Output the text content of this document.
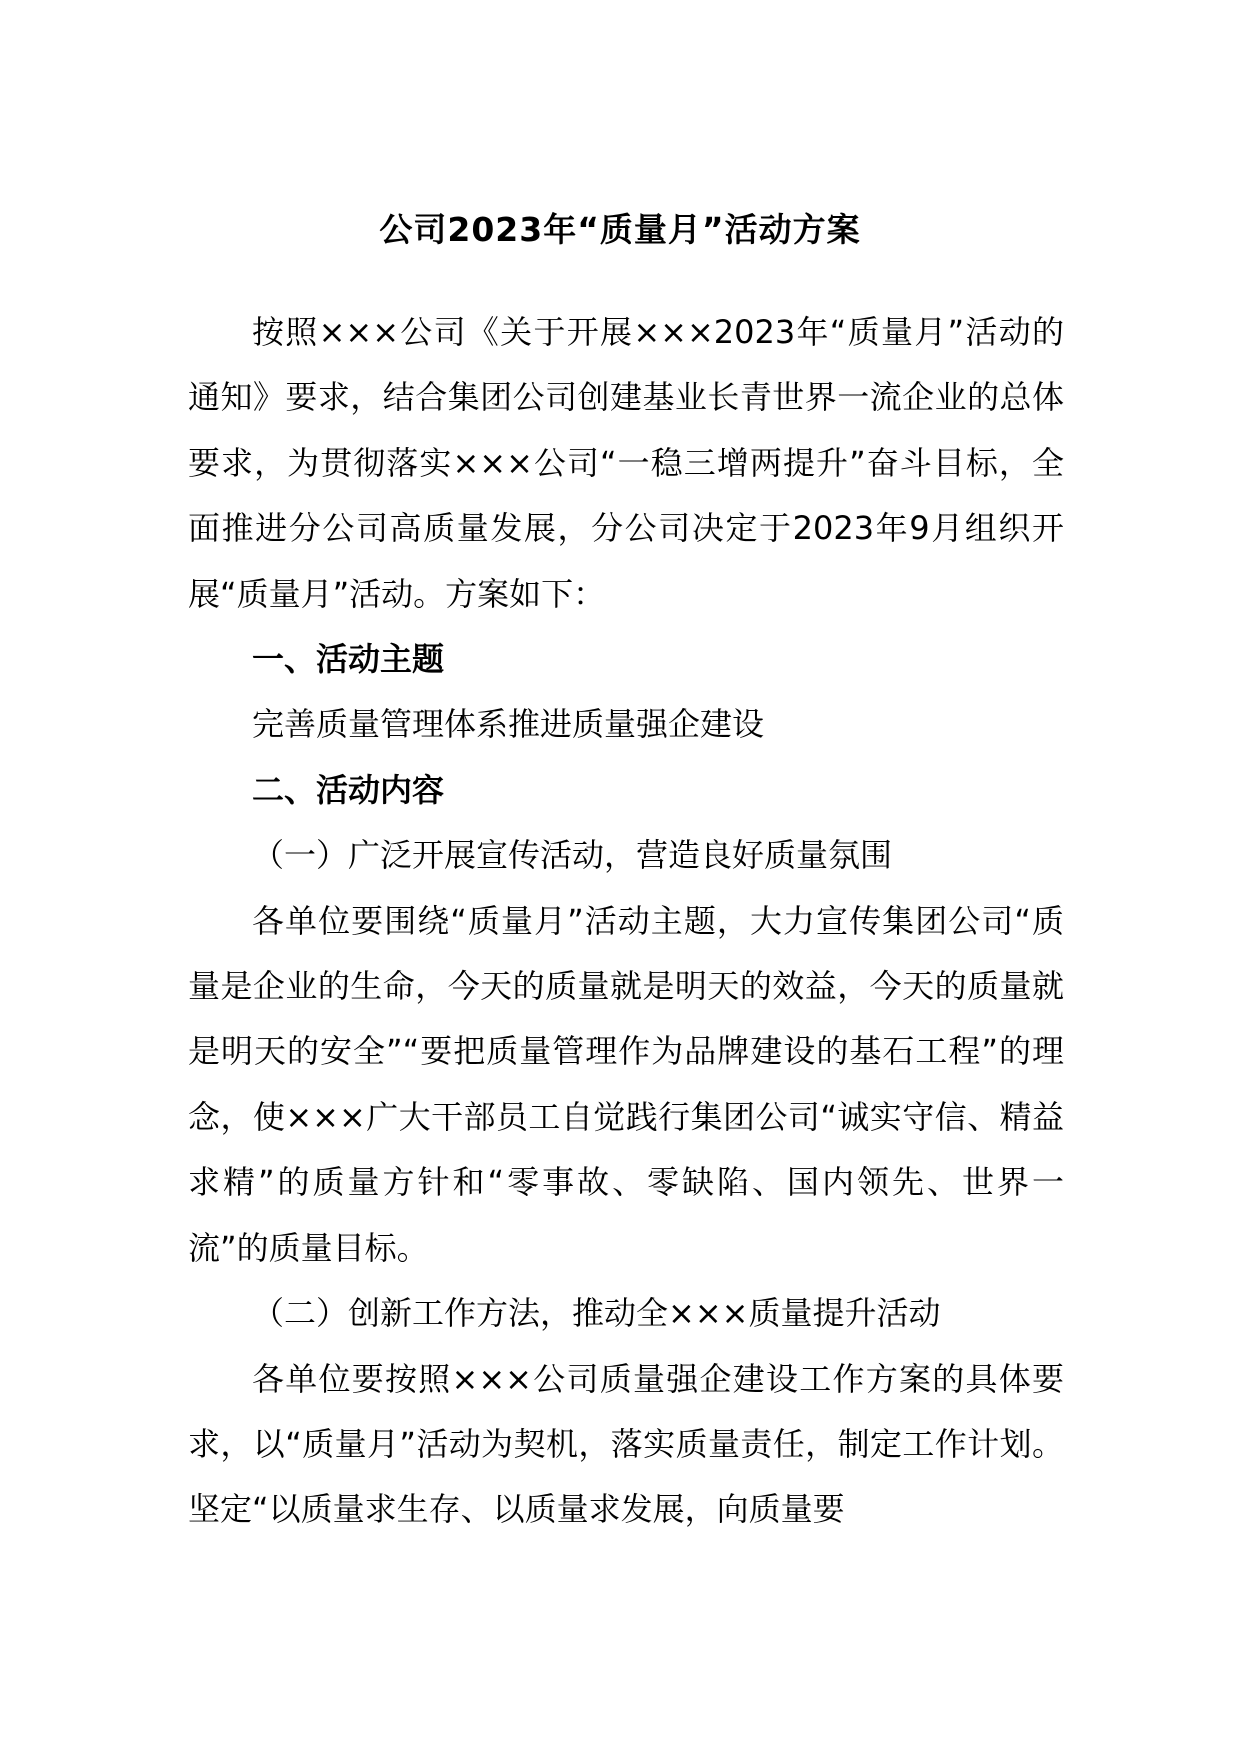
公司2023年“质量月”活动方案

按照×××公司《关于开展×××2023年“质量月”活动的通知》要求，结合集团公司创建基业长青世界一流企业的总体要求，为贯彻落实×××公司“一稳三增两提升”奋斗目标，全面推进分公司高质量发展，分公司决定于2023年9月组织开展“质量月”活动。方案如下：

一、活动主题

完善质量管理体系推进质量强企建设

二、活动内容

（一）广泛开展宣传活动，营造良好质量氛围

各单位要围绕“质量月”活动主题，大力宣传集团公司“质量是企业的生命，今天的质量就是明天的效益，今天的质量就是明天的安全”“要把质量管理作为品牌建设的基石工程”的理念，使×××广大干部员工自觉践行集团公司“诚实守信、精益求精”的质量方针和“零事故、零缺陷、国内领先、世界一流”的质量目标。

（二）创新工作方法，推动全×××质量提升活动

各单位要按照×××公司质量强企建设工作方案的具体要求，以“质量月”活动为契机，落实质量责任，制定工作计划。坚定“以质量求生存、以质量求发展，向质量要
